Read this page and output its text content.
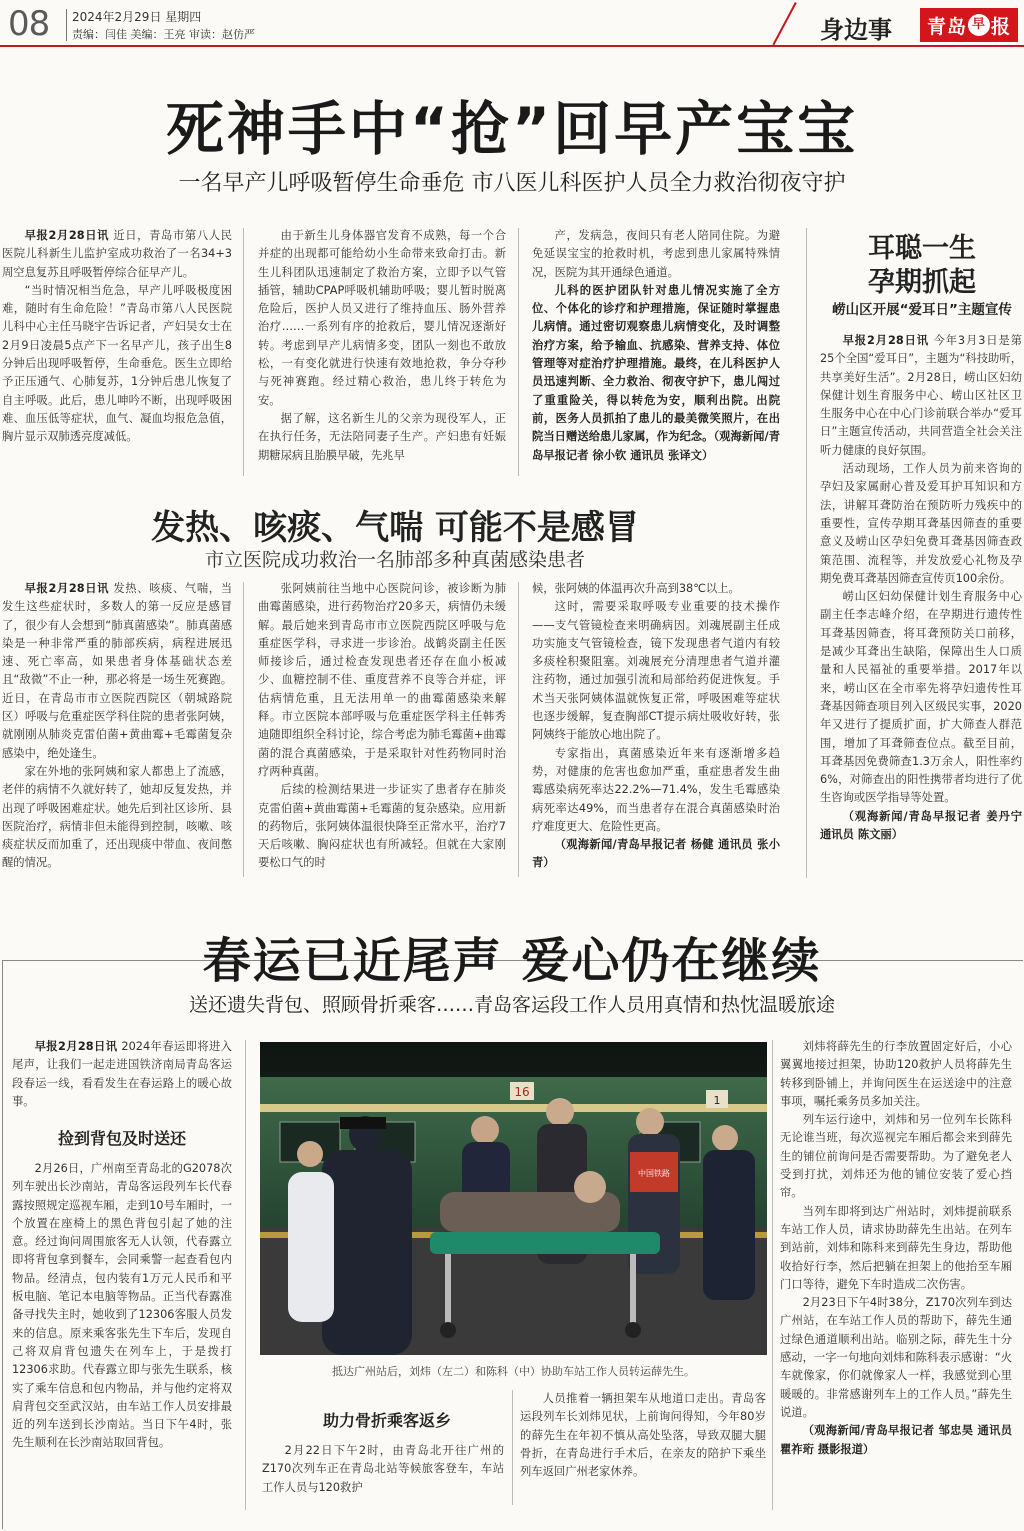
08 2024年2月29日 星期四
责编：闫佳 美编：王亮 审读：赵仿严	身边事 青岛 早 报
死神手中“抢”回早产宝宝
一名早产儿呼吸暂停生命垂危 市八医儿科医护人员全力救治彻夜守护

早报2月28日讯 近日，青岛市第八人民医院儿科新生儿监护室成功救治了一名34+3周空息复苏且呼吸暂停综合征早产儿。

“当时情况相当危急，早产儿呼吸极度困难，随时有生命危险！”青岛市第八人民医院儿科中心主任马晓宇告诉记者，产妇吴女士在2月9日凌晨5点产下一名早产儿，孩子出生8分钟后出现呼吸暂停，生命垂危。医生立即给予正压通气、心肺复苏，1分钟后患儿恢复了自主呼吸。此后，患儿呻吟不断，出现呼吸困难、血压低等症状，血气、凝血均报危急值，胸片显示双肺透亮度减低。

由于新生儿身体器官发育不成熟，每一个合并症的出现都可能给幼小生命带来致命打击。新生儿科团队迅速制定了救治方案，立即予以气管插管，辅助CPAP呼吸机辅助呼吸；婴儿暂时脱离危险后，医护人员又进行了维持血压、肠外营养治疗……一系列有序的抢救后，婴儿情况逐渐好转。考虑到早产儿病情多变，团队一刻也不敢放松，一有变化就进行快速有效地抢救，争分夺秒与死神赛跑。经过精心救治，患儿终于转危为安。

据了解，这名新生儿的父亲为现役军人，正在执行任务，无法陪同妻子生产。产妇患有妊娠期糖尿病且胎膜早破，先兆早

产，发病急，夜间只有老人陪同住院。为避免延误宝宝的抢救时机，考虑到患儿家属特殊情况，医院为其开通绿色通道。

儿科的医护团队针对患儿情况实施了全方位、个体化的诊疗和护理措施，保证随时掌握患儿病情。通过密切观察患儿病情变化，及时调整治疗方案，给予输血、抗感染、营养支持、体位管理等对症治疗护理措施。最终，在儿科医护人员迅速判断、全力救治、彻夜守护下，患儿闯过了重重险关，得以转危为安，顺利出院。出院前，医务人员抓拍了患儿的最美微笑照片，在出院当日赠送给患儿家属，作为纪念。（观海新闻/青岛早报记者 徐小钦 通讯员 张译文）

发热、咳痰、气喘 可能不是感冒
市立医院成功救治一名肺部多种真菌感染患者

早报2月28日讯 发热、咳痰、气喘，当发生这些症状时，多数人的第一反应是感冒了，很少有人会想到“肺真菌感染”。肺真菌感染是一种非常严重的肺部疾病，病程进展迅速、死亡率高，如果患者身体基础状态差且“敌微”不止一种，那必将是一场生死赛跑。近日，在青岛市市立医院西院区（朝城路院区）呼吸与危重症医学科住院的患者张阿姨，就刚刚从肺炎克雷伯菌+黄曲霉+毛霉菌复杂感染中，绝处逢生。

家在外地的张阿姨和家人都患上了流感，老伴的病情不久就好转了，她却反复发热，并出现了呼吸困难症状。她先后到社区诊所、县医院治疗，病情非但未能得到控制，咳嗽、咳痰症状反而加重了，还出现痰中带血、夜间憋醒的情况。

张阿姨前往当地中心医院问诊，被诊断为肺曲霉菌感染，进行药物治疗20多天，病情仍未缓解。最后她来到青岛市市立医院西院区呼吸与危重症医学科，寻求进一步诊治。战鹤炎副主任医师接诊后，通过检查发现患者还存在血小板减少、血糖控制不佳、重度营养不良等合并症，评估病情危重，且无法用单一的曲霉菌感染来解释。市立医院本部呼吸与危重症医学科主任韩秀迪随即组织全科讨论，综合考虑为肺毛霉菌+曲霉菌的混合真菌感染，于是采取针对性药物同时治疗两种真菌。

后续的检测结果进一步证实了患者存在肺炎克雷伯菌+黄曲霉菌+毛霉菌的复杂感染。应用新的药物后，张阿姨体温很快降至正常水平，治疗7天后咳嗽、胸闷症状也有所减轻。但就在大家刚要松口气的时

候，张阿姨的体温再次升高到38℃以上。

这时，需要采取呼吸专业重要的技术操作——支气管镜检查来明确病因。刘魂展副主任成功实施支气管镜检查，镜下发现患者气道内有较多痰栓积聚阻塞。刘魂展充分清理患者气道并灌注药物，通过加强引流和局部给药促进恢复。手术当天张阿姨体温就恢复正常，呼吸困难等症状也逐步缓解，复查胸部CT提示病灶吸收好转，张阿姨终于能放心地出院了。

专家指出，真菌感染近年来有逐渐增多趋势，对健康的危害也愈加严重，重症患者发生曲霉感染病死率达22.2%—71.4%，发生毛霉感染病死率达49%，而当患者存在混合真菌感染时治疗难度更大、危险性更高。

（观海新闻/青岛早报记者 杨健 通讯员 张小青）

耳聪一生
孕期抓起
崂山区开展“爱耳日”主题宣传

早报2月28日讯 今年3月3日是第25个全国“爱耳日”，主题为“科技助听，共享美好生活”。2月28日，崂山区妇幼保健计划生育服务中心、崂山区社区卫生服务中心在中心门诊前联合举办“爱耳日”主题宣传活动，共同营造全社会关注听力健康的良好氛围。

活动现场，工作人员为前来咨询的孕妇及家属耐心普及爱耳护耳知识和方法，讲解耳聋防治在预防听力残疾中的重要性，宣传孕期耳聋基因筛查的重要意义及崂山区孕妇免费耳聋基因筛查政策范围、流程等，并发放爱心礼物及孕期免费耳聋基因筛查宣传页100余份。

崂山区妇幼保健计划生育服务中心副主任李志峰介绍，在孕期进行遗传性耳聋基因筛查，将耳聋预防关口前移，是减少耳聋出生缺陷，保障出生人口质量和人民福祉的重要举措。2017年以来，崂山区在全市率先将孕妇遗传性耳聋基因筛查项目列入区级民实事，2020年又进行了提质扩面，扩大筛查人群范围，增加了耳聋筛查位点。截至目前，耳聋基因免费筛查1.3万余人，阳性率约6%，对筛查出的阳性携带者均进行了优生咨询或医学指导等处置。

（观海新闻/青岛早报记者 姜丹宁 通讯员 陈文丽）

春运已近尾声 爱心仍在继续
送还遗失背包、照顾骨折乘客……青岛客运段工作人员用真情和热忱温暖旅途

早报2月28日讯 2024年春运即将进入尾声，让我们一起走进国铁济南局青岛客运段春运一线，看看发生在春运路上的暖心故事。

捡到背包及时送还

2月26日，广州南至青岛北的G2078次列车驶出长沙南站，青岛客运段列车长代春露按照规定巡视车厢，走到10号车厢时，一个放置在座椅上的黑色背包引起了她的注意。经过询问周围旅客无人认领，代春露立即将背包拿到餐车，会同乘警一起查看包内物品。经清点，包内装有1万元人民币和平板电脑、笔记本电脑等物品。正当代春露准备寻找失主时，她收到了12306客服人员发来的信息。原来乘客张先生下车后，发现自己将双肩背包遗失在列车上，于是拨打12306求助。代春露立即与张先生联系，核实了乘车信息和包内物品，并与他约定将双肩背包交至武汉站，由车站工作人员安排最近的列车送到长沙南站。当日下午4时，张先生顺利在长沙南站取回背包。

16
1
中国铁路
抵达广州站后，刘炜（左二）和陈科（中）协助车站工作人员转运薛先生。
助力骨折乘客返乡

2月22日下午2时，由青岛北开往广州的Z170次列车正在青岛北站等候旅客登车，车站工作人员与120救护

人员推着一辆担架车从地道口走出。青岛客运段列车长刘炜见状，上前询问得知，今年80岁的薛先生在年初不慎从高处坠落，导致双腿大腿骨折，在青岛进行手术后，在亲友的陪护下乘坐列车返回广州老家休养。

刘炜将薛先生的行李放置固定好后，小心翼翼地接过担架，协助120救护人员将薛先生转移到卧铺上，并询问医生在运送途中的注意事项，嘱托乘务员多加关注。

列车运行途中，刘炜和另一位列车长陈科无论谁当班，每次巡视完车厢后都会来到薛先生的铺位前询问是否需要帮助。为了避免老人受到打扰，刘炜还为他的铺位安装了爱心挡帘。

当列车即将到达广州站时，刘炜提前联系车站工作人员，请求协助薛先生出站。在列车到站前，刘炜和陈科来到薛先生身边，帮助他收拾好行李，然后把躺在担架上的他抬至车厢门口等待，避免下车时造成二次伤害。

2月23日下午4时38分，Z170次列车到达广州站，在车站工作人员的帮助下，薛先生通过绿色通道顺利出站。临别之际，薛先生十分感动，一字一句地向刘炜和陈科表示感谢：“火车就像家，你们就像家人一样，我感觉到心里暖暖的。非常感谢列车上的工作人员。”薛先生说道。

（观海新闻/青岛早报记者 邹忠昊 通讯员 瞿祚珩 摄影报道）
